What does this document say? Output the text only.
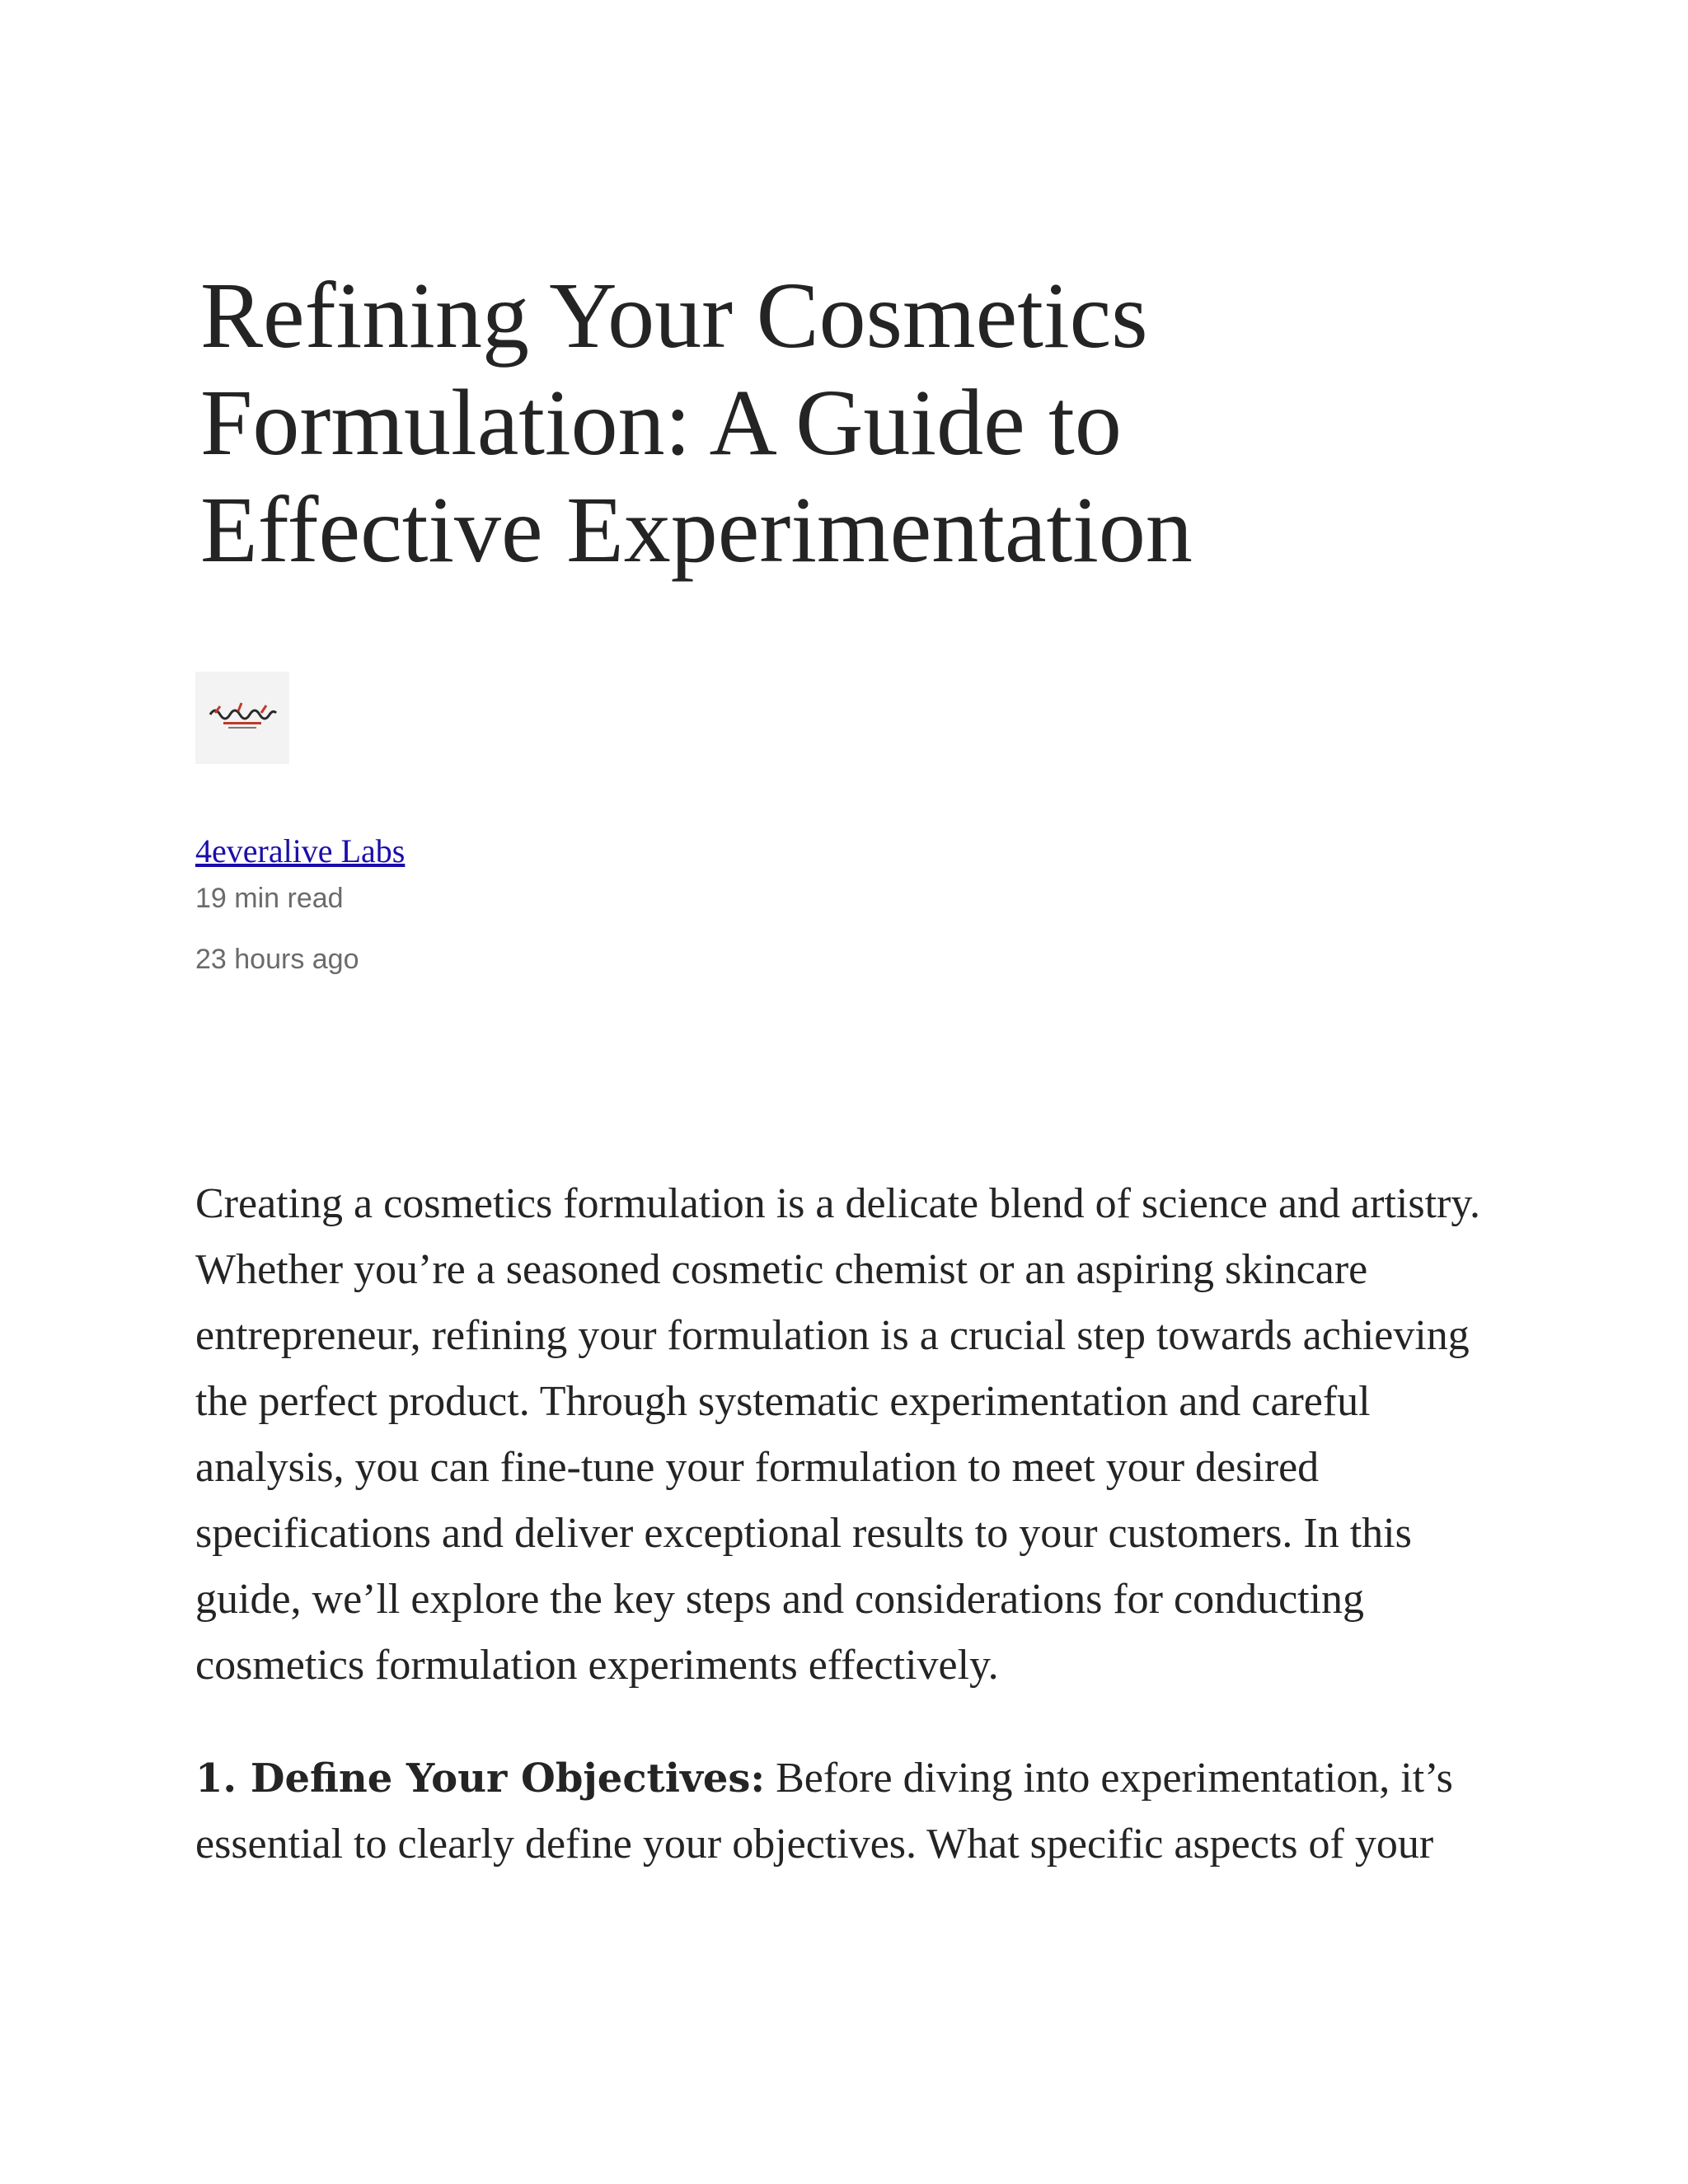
Refining Your Cosmetics Formulation: A Guide to Effective Experimentation
4everalive Labs
19 min read
23 hours ago

Creating a cosmetics formulation is a delicate blend of science and artistry. Whether you’re a seasoned cosmetic chemist or an aspiring skincare entrepreneur, refining your formulation is a crucial step towards achieving the perfect product. Through systematic experimentation and careful analysis, you can fine-tune your formulation to meet your desired specifications and deliver exceptional results to your customers. In this guide, we’ll explore the key steps and considerations for conducting cosmetics formulation experiments effectively.

1. Define Your Objectives: Before diving into experimentation, it’s essential to clearly define your objectives. What specific aspects of your
